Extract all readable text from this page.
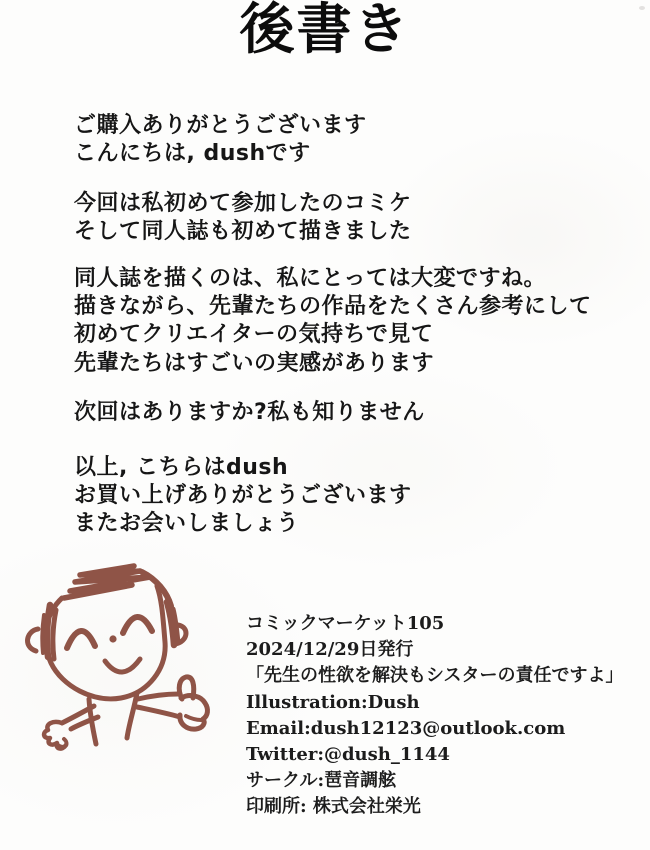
後書き
ご購入ありがとうございます
こんにちは, dushです
今回は私初めて参加したのコミケ
そして同人誌も初めて描きました
同人誌を描くのは、私にとっては大変ですね。
描きながら、先輩たちの作品をたくさん参考にして
初めてクリエイターの気持ちで見て
先輩たちはすごいの実感があります
次回はありますか?私も知りません
以上, こちらはdush
お買い上げありがとうございます
またお会いしましょう
コミックマーケット105
2024/12/29日発行
「先生の性欲を解決もシスターの責任ですよ」
Illustration:Dush
Email:dush12123@outlook.com
Twitter:@dush_1144
サークル:琶音調舷
印刷所: 株式会社栄光
